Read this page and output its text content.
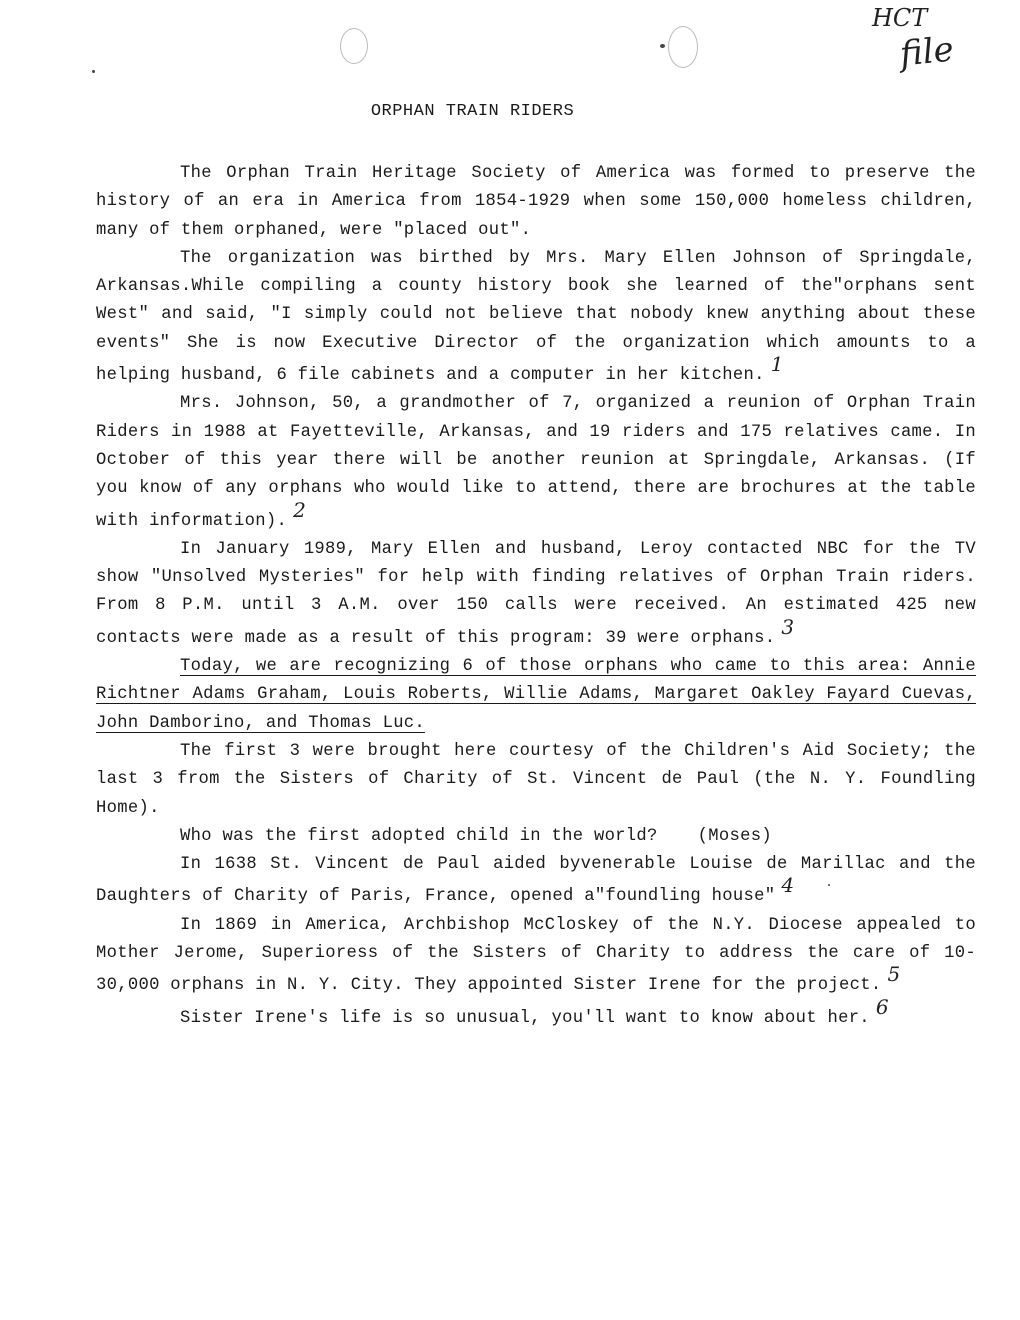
HCT
file
ORPHAN TRAIN RIDERS

The Orphan Train Heritage Society of America was formed to preserve the history of an era in America from 1854-1929 when some 150,000 homeless children, many of them orphaned, were "placed out".

The organization was birthed by Mrs. Mary Ellen Johnson of Springdale, Arkansas.While compiling a county history book she learned of the"orphans sent West" and said, "I simply could not believe that nobody knew anything about these events" She is now Executive Director of the organization which amounts to a helping husband, 6 file cabinets and a computer in her kitchen. 1

Mrs. Johnson, 50, a grandmother of 7, organized a reunion of Orphan Train Riders in 1988 at Fayetteville, Arkansas, and 19 riders and 175 relatives came. In October of this year there will be another reunion at Springdale, Arkansas. (If you know of any orphans who would like to attend, there are brochures at the table with information). 2

In January 1989, Mary Ellen and husband, Leroy contacted NBC for the TV show "Unsolved Mysteries" for help with finding relatives of Orphan Train riders. From 8 P.M. until 3 A.M. over 150 calls were received. An estimated 425 new contacts were made as a result of this program: 39 were orphans. 3

Today, we are recognizing 6 of those orphans who came to this area: Annie Richtner Adams Graham, Louis Roberts, Willie Adams, Margaret Oakley Fayard Cuevas, John Damborino, and Thomas Luc.

The first 3 were brought here courtesy of the Children's Aid Society; the last 3 from the Sisters of Charity of St. Vincent de Paul (the N. Y. Foundling Home).

Who was the first adopted child in the world? (Moses)

In 1638 St. Vincent de Paul aided byvenerable Louise de Marillac and the Daughters of Charity of Paris, France, opened a"foundling house" 4

In 1869 in America, Archbishop McCloskey of the N.Y. Diocese appealed to Mother Jerome, Superioress of the Sisters of Charity to address the care of 10-30,000 orphans in N. Y. City. They appointed Sister Irene for the project. 5

Sister Irene's life is so unusual, you'll want to know about her. 6
